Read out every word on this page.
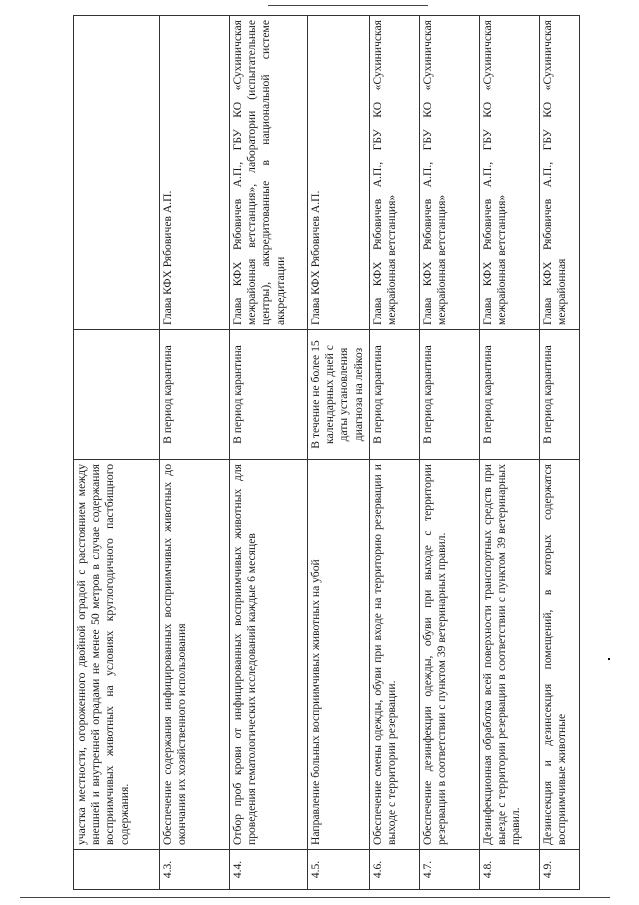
	участка местности, огороженного двойной оградой с расстоянием между внешней и внутренней оградами не менее 50 метров в случае содержания восприимчивых животных на условиях круглогодичного пастбищного содержания.		
4.3.	Обеспечение содержания инфицированных восприимчивых животных до окончания их хозяйственного использования	В период карантина	Глава КФХ Рябовичев А.П.
4.4.	Отбор проб крови от инфицированных восприимчивых животных для проведения гематологических исследований каждые 6 месяцев	В период карантина	Глава КФХ Рябовичев А.П., ГБУ КО «Сухиничская межрайонная ветстанция», лаборатории (испытательные центры), аккредитованные в национальной системе аккредитации
4.5.	Направление больных восприимчивых животных на убой	В течение не более 15 календарных дней с даты установления диагноза на лейкоз	Глава КФХ Рябовичев А.П.
4.6.	Обеспечение смены одежды, обуви при входе на территорию резервации и выходе с территории резервации.	В период карантина	Глава КФХ Рябовичев А.П., ГБУ КО «Сухиничская межрайонная ветстанция»
4.7.	Обеспечение дезинфекции одежды, обуви при выходе с территории резервации в соответствии с пунктом 39 ветеринарных правил.	В период карантина	Глава КФХ Рябовичев А.П., ГБУ КО «Сухиничская межрайонная ветстанция»
4.8.	Дезинфекционная обработка всей поверхности транспортных средств при выезде с территории резервации в соответствии с пунктом 39 ветеринарных правил.	В период карантина	Глава КФХ Рябовичев А.П., ГБУ КО «Сухиничская межрайонная ветстанция»
4.9.	Дезинсекция и дезинсекция помещений, в которых содержатся восприимчивые животные	В период карантина	Глава КФХ Рябовичев А.П., ГБУ КО «Сухиничская межрайонная
